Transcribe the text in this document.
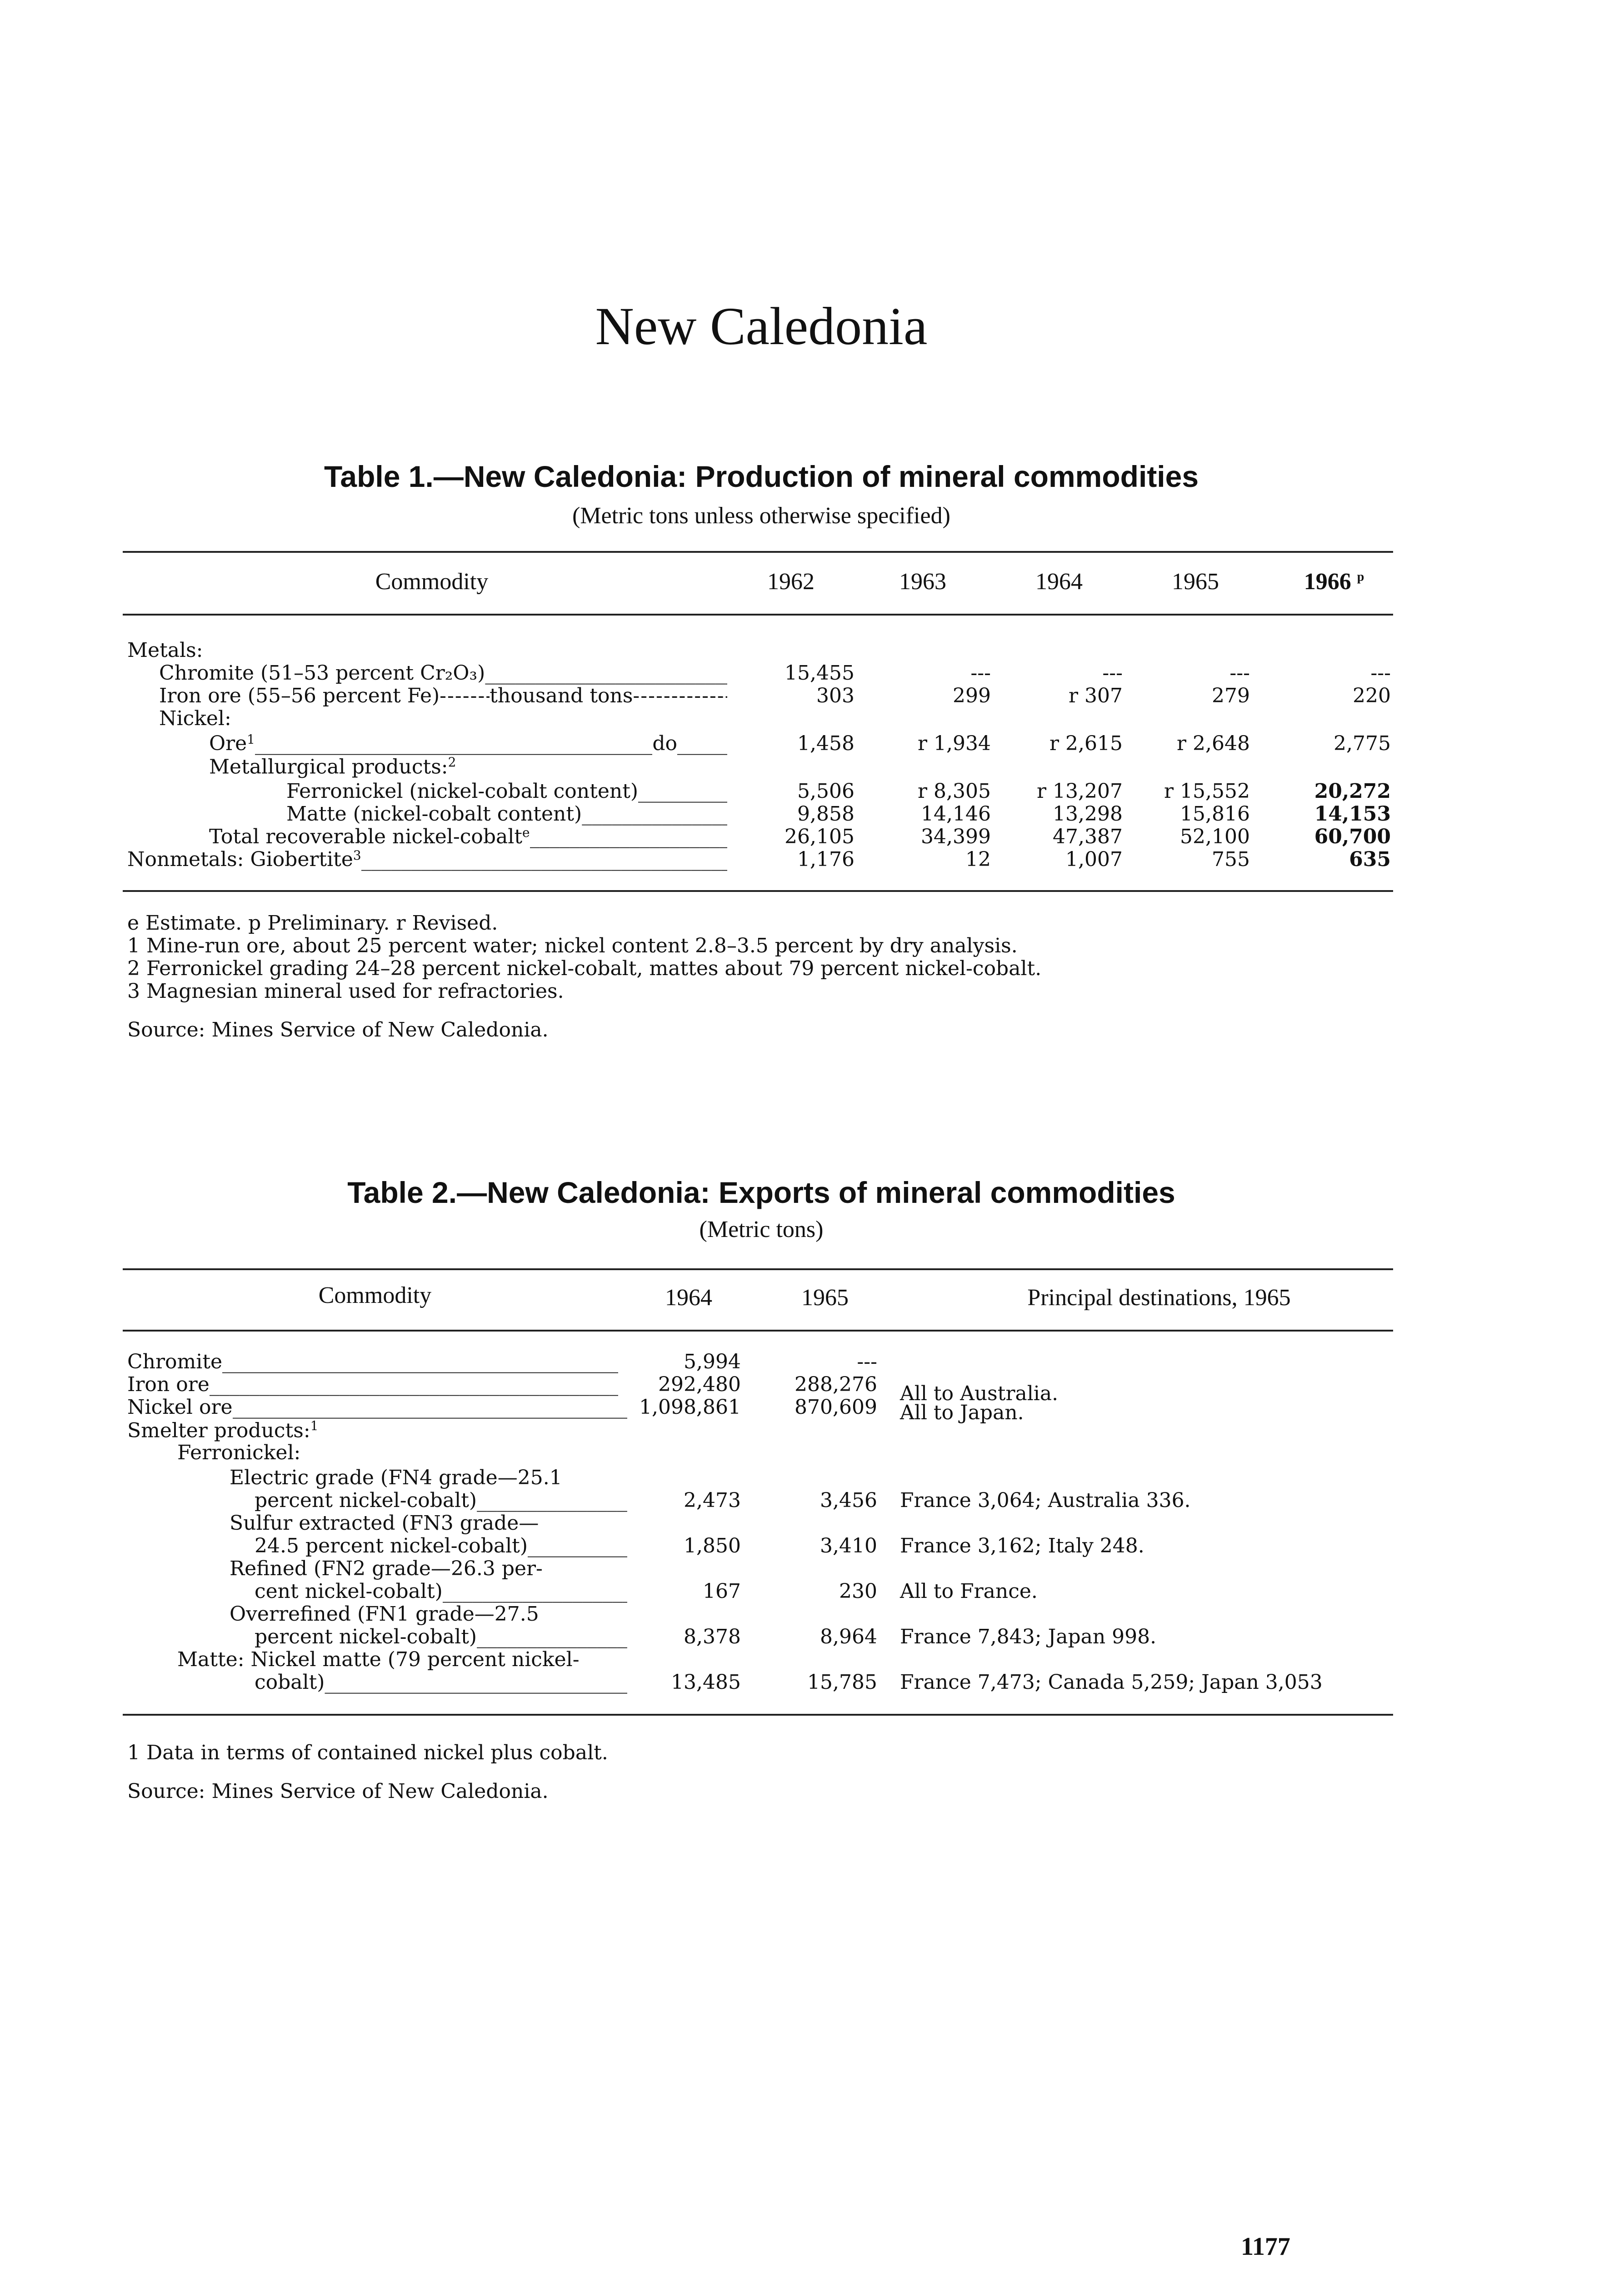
New Caledonia
Table 1.—New Caledonia: Production of mineral commodities
(Metric tons unless otherwise specified)
Commodity	1962	1963	1964	1965	1966 $^p$
Metals:
Chromite (51–53 percent Cr₂O₃) _____	15,455	---	---	---	---
Iron ore (55–56 percent Fe) - - -	thousand tons - - -	303	299	r 307	279	220
Nickel:
Ore 1 _____	do _____	1,458	r 1,934	r 2,615	r 2,648	2,775
Metallurgical products:$^2$
Ferronickel (nickel-cobalt content) _____	5,506	r 8,305	r 13,207	r 15,552	20,272
Matte (nickel-cobalt content) _____	9,858	14,146	13,298	15,816	14,153
Total recoverable nickel-cobalt e _____	26,105	34,399	47,387	52,100	60,700
Nonmetals: Giobertite 3 _____	1,176	12	1,007	755	635
e Estimate. p Preliminary. r Revised.
1 Mine-run ore, about 25 percent water; nickel content 2.8–3.5 percent by dry analysis.
2 Ferronickel grading 24–28 percent nickel-cobalt, mattes about 79 percent nickel-cobalt.
3 Magnesian mineral used for refractories.
Source: Mines Service of New Caledonia.
Table 2.—New Caledonia: Exports of mineral commodities
(Metric tons)
Commodity	1964	1965	Principal destinations, 1965
Chromite _____	5,994	---
Iron ore _____	292,480	288,276 All to Australia.
Nickel ore _____	1,098,861	870,609 All to Japan.
Smelter products:$^1$
Ferronickel:
Electric grade (FN4 grade—25.1
percent nickel-cobalt) _____	2,473	3,456 France 3,064; Australia 336.
Sulfur extracted (FN3 grade—
24.5 percent nickel-cobalt) _____	1,850	3,410 France 3,162; Italy 248.
Refined (FN2 grade—26.3 per-
cent nickel-cobalt) _____	167	230 All to France.
Overrefined (FN1 grade—27.5
percent nickel-cobalt) _____	8,378	8,964 France 7,843; Japan 998.
Matte: Nickel matte (79 percent nickel-
cobalt) _____	13,485	15,785 France 7,473; Canada 5,259; Japan 3,053
1 Data in terms of contained nickel plus cobalt.
Source: Mines Service of New Caledonia.
1177
